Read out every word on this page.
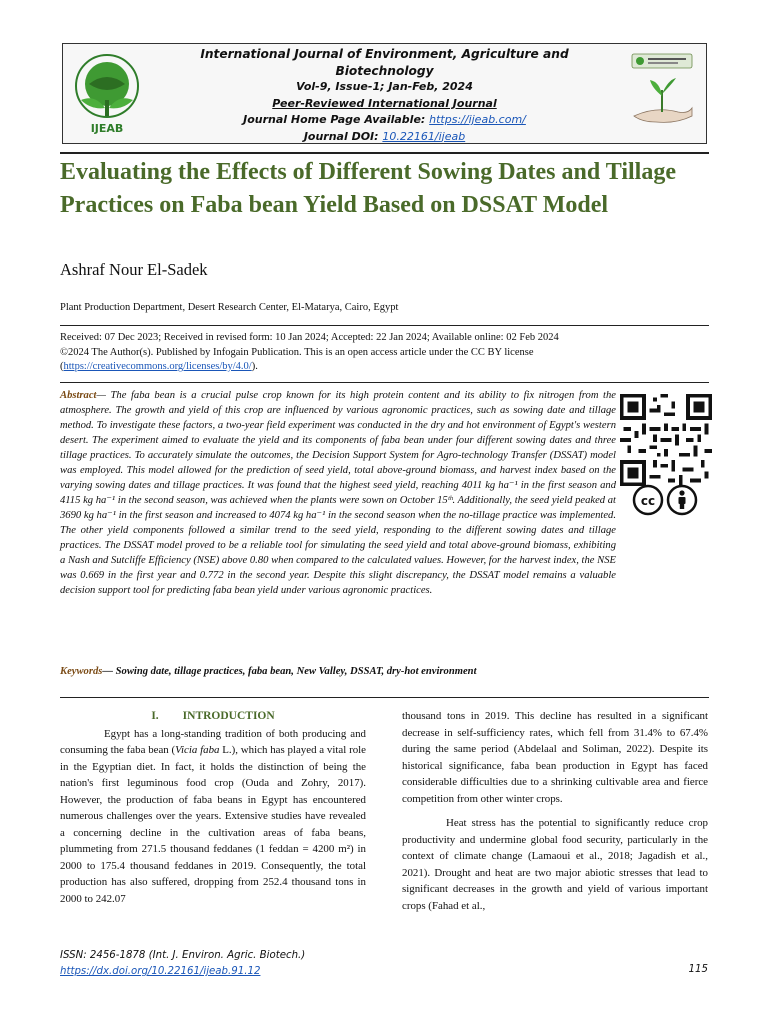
IJEAB
International Journal of Environment, Agriculture and Biotechnology
Vol-9, Issue-1; Jan-Feb, 2024
Peer-Reviewed International Journal
Journal Home Page Available: https://ijeab.com/
Journal DOI: 10.22161/ijeab
Evaluating the Effects of Different Sowing Dates and Tillage Practices on Faba bean Yield Based on DSSAT Model
Ashraf Nour El-Sadek
Plant Production Department, Desert Research Center, El-Matarya, Cairo, Egypt
Received: 07 Dec 2023; Received in revised form: 10 Jan 2024; Accepted: 22 Jan 2024; Available online: 02 Feb 2024
©2024 The Author(s). Published by Infogain Publication. This is an open access article under the CC BY license
(https://creativecommons.org/licenses/by/4.0/).
Abstract— The faba bean is a crucial pulse crop known for its high protein content and its ability to fix nitrogen from the atmosphere. The growth and yield of this crop are influenced by various agronomic practices, such as sowing date and tillage method. To investigate these factors, a two-year field experiment was conducted in the dry and hot environment of Egypt's western desert. The experiment aimed to evaluate the yield and its components of faba bean under four different sowing dates and three tillage practices. To accurately simulate the outcomes, the Decision Support System for Agro-technology Transfer (DSSAT) model was employed. This model allowed for the prediction of seed yield, total above-ground biomass, and harvest index based on the varying sowing dates and tillage practices. It was found that the highest seed yield, reaching 4011 kg ha⁻¹ in the first season and 4115 kg ha⁻¹ in the second season, was achieved when the plants were sown on October 15ᵗʰ. Additionally, the seed yield peaked at 3690 kg ha⁻¹ in the first season and increased to 4074 kg ha⁻¹ in the second season when the no-tillage practice was implemented. The other yield components followed a similar trend to the seed yield, responding to the different sowing dates and tillage practices. The DSSAT model proved to be a reliable tool for simulating the seed yield and total above-ground biomass, exhibiting a Nash and Sutcliffe Efficiency (NSE) above 0.80 when compared to the calculated values. However, for the harvest index, the NSE was 0.669 in the first year and 0.772 in the second year. Despite this slight discrepancy, the DSSAT model remains a valuable decision support tool for predicting faba bean yield under various agronomic practices.
cc
Keywords— Sowing date, tillage practices, faba bean, New Valley, DSSAT, dry-hot environment
I. INTRODUCTION

Egypt has a long-standing tradition of both producing and consuming the faba bean (Vicia faba L.), which has played a vital role in the Egyptian diet. In fact, it holds the distinction of being the nation's first leguminous food crop (Ouda and Zohry, 2017). However, the production of faba beans in Egypt has encountered numerous challenges over the years. Extensive studies have revealed a concerning decline in the cultivation areas of faba beans, plummeting from 271.5 thousand feddanes (1 feddan = 4200 m²) in 2000 to 175.4 thousand feddanes in 2019. Consequently, the total production has also suffered, dropping from 252.4 thousand tons in 2000 to 242.07

thousand tons in 2019. This decline has resulted in a significant decrease in self-sufficiency rates, which fell from 31.4% to 67.4% during the same period (Abdelaal and Soliman, 2022). Despite its historical significance, faba bean production in Egypt has faced considerable difficulties due to a shrinking cultivable area and fierce competition from other winter crops.

Heat stress has the potential to significantly reduce crop productivity and undermine global food security, particularly in the context of climate change (Lamaoui et al., 2018; Jagadish et al., 2021). Drought and heat are two major abiotic stresses that lead to significant decreases in the growth and yield of various important crops (Fahad et al.,

ISSN: 2456-1878 (Int. J. Environ. Agric. Biotech.)
https://dx.doi.org/10.22161/ijeab.91.12	115
